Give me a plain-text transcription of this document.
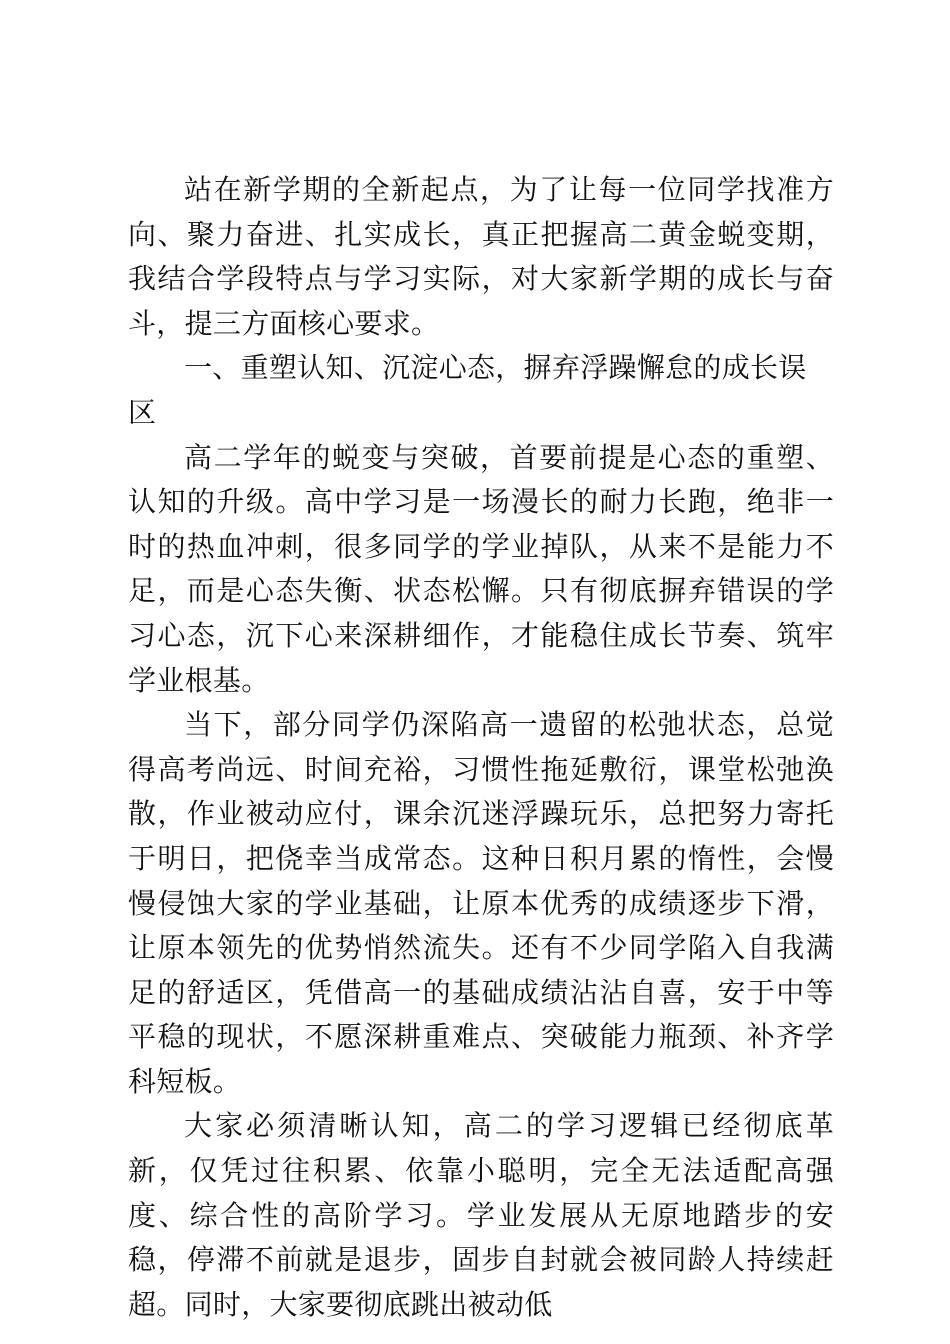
站在新学期的全新起点，为了让每一位同学找准方向、聚力奋进、扎实成长，真正把握高二黄金蜕变期，我结合学段特点与学习实际，对大家新学期的成长与奋斗，提三方面核心要求。

一、重塑认知、沉淀心态，摒弃浮躁懈怠的成长误区

高二学年的蜕变与突破，首要前提是心态的重塑、认知的升级。高中学习是一场漫长的耐力长跑，绝非一时的热血冲刺，很多同学的学业掉队，从来不是能力不足，而是心态失衡、状态松懈。只有彻底摒弃错误的学习心态，沉下心来深耕细作，才能稳住成长节奏、筑牢学业根基。

当下，部分同学仍深陷高一遗留的松弛状态，总觉得高考尚远、时间充裕，习惯性拖延敷衍，课堂松弛涣散，作业被动应付，课余沉迷浮躁玩乐，总把努力寄托于明日，把侥幸当成常态。这种日积月累的惰性，会慢慢侵蚀大家的学业基础，让原本优秀的成绩逐步下滑，让原本领先的优势悄然流失。还有不少同学陷入自我满足的舒适区，凭借高一的基础成绩沾沾自喜，安于中等平稳的现状，不愿深耕重难点、突破能力瓶颈、补齐学科短板。

大家必须清晰认知，高二的学习逻辑已经彻底革新，仅凭过往积累、依靠小聪明，完全无法适配高强度、综合性的高阶学习。学业发展从无原地踏步的安稳，停滞不前就是退步，固步自封就会被同龄人持续赶超。同时，大家要彻底跳出被动低
